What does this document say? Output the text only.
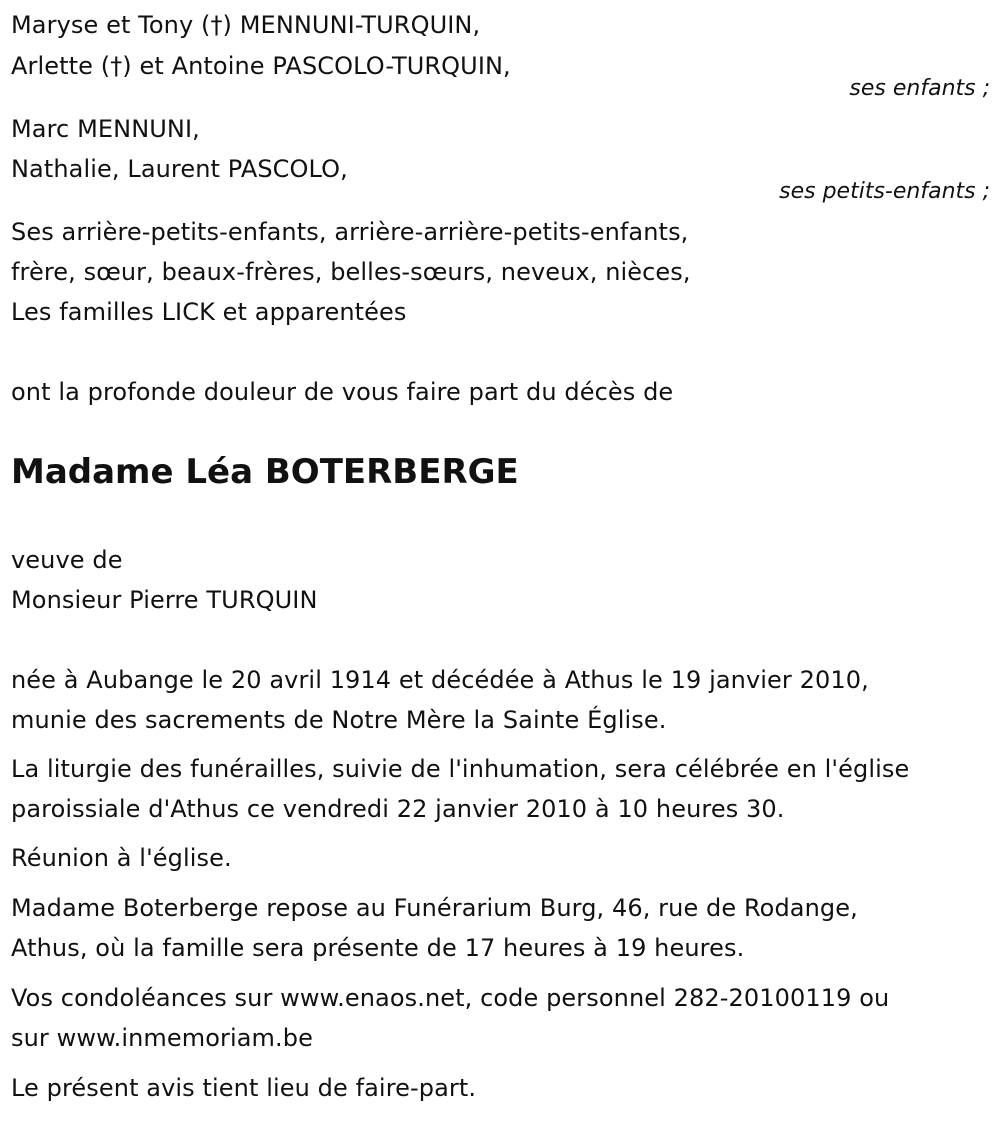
Maryse et Tony (†) MENNUNI-TURQUIN,
Arlette (†) et Antoine PASCOLO-TURQUIN,
ses enfants ;
Marc MENNUNI,
Nathalie, Laurent PASCOLO,
ses petits-enfants ;
Ses arrière-petits-enfants, arrière-arrière-petits-enfants,
frère, sœur, beaux-frères, belles-sœurs, neveux, nièces,
Les familles LICK et apparentées
ont la profonde douleur de vous faire part du décès de
Madame Léa BOTERBERGE
veuve de
Monsieur Pierre TURQUIN
née à Aubange le 20 avril 1914 et décédée à Athus le 19 janvier 2010,
munie des sacrements de Notre Mère la Sainte Église.
La liturgie des funérailles, suivie de l'inhumation, sera célébrée en l'église
paroissiale d'Athus ce vendredi 22 janvier 2010 à 10 heures 30.
Réunion à l'église.
Madame Boterberge repose au Funérarium Burg, 46, rue de Rodange,
Athus, où la famille sera présente de 17 heures à 19 heures.
Vos condoléances sur www.enaos.net, code personnel 282-20100119 ou
sur www.inmemoriam.be
Le présent avis tient lieu de faire-part.
